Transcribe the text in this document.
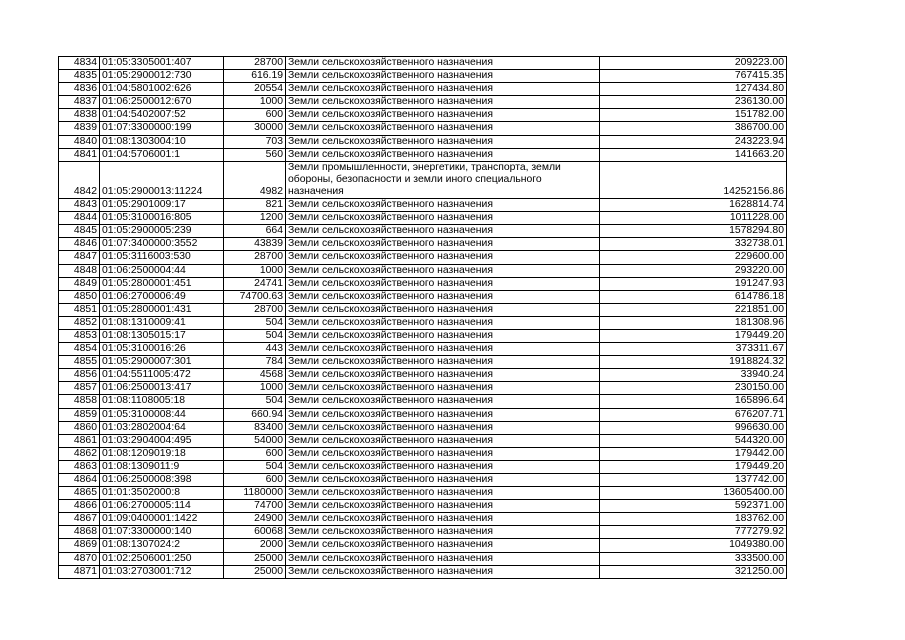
4834	01:05:3305001:407	28700	Земли сельскохозяйственного назначения	209223.00
4835	01:05:2900012:730	616.19	Земли сельскохозяйственного назначения	767415.35
4836	01:04:5801002:626	20554	Земли сельскохозяйственного назначения	127434.80
4837	01:06:2500012:670	1000	Земли сельскохозяйственного назначения	236130.00
4838	01:04:5402007:52	600	Земли сельскохозяйственного назначения	151782.00
4839	01:07:3300000:199	30000	Земли сельскохозяйственного назначения	386700.00
4840	01:08:1303004:10	703	Земли сельскохозяйственного назначения	243223.94
4841	01:04:5706001:1	560	Земли сельскохозяйственного назначения	141663.20
4842	01:05:2900013:11224	4982	Земли промышленности, энергетики, транспорта, земли обороны, безопасности и земли иного специального назначения	14252156.86
4843	01:05:2901009:17	821	Земли сельскохозяйственного назначения	1628814.74
4844	01:05:3100016:805	1200	Земли сельскохозяйственного назначения	1011228.00
4845	01:05:2900005:239	664	Земли сельскохозяйственного назначения	1578294.80
4846	01:07:3400000:3552	43839	Земли сельскохозяйственного назначения	332738.01
4847	01:05:3116003:530	28700	Земли сельскохозяйственного назначения	229600.00
4848	01:06:2500004:44	1000	Земли сельскохозяйственного назначения	293220.00
4849	01:05:2800001:451	24741	Земли сельскохозяйственного назначения	191247.93
4850	01:06:2700006:49	74700.63	Земли сельскохозяйственного назначения	614786.18
4851	01:05:2800001:431	28700	Земли сельскохозяйственного назначения	221851.00
4852	01:08:1310009:41	504	Земли сельскохозяйственного назначения	181308.96
4853	01:08:1305015:17	504	Земли сельскохозяйственного назначения	179449.20
4854	01:05:3100016:26	443	Земли сельскохозяйственного назначения	373311.67
4855	01:05:2900007:301	784	Земли сельскохозяйственного назначения	1918824.32
4856	01:04:5511005:472	4568	Земли сельскохозяйственного назначения	33940.24
4857	01:06:2500013:417	1000	Земли сельскохозяйственного назначения	230150.00
4858	01:08:1108005:18	504	Земли сельскохозяйственного назначения	165896.64
4859	01:05:3100008:44	660.94	Земли сельскохозяйственного назначения	676207.71
4860	01:03:2802004:64	83400	Земли сельскохозяйственного назначения	996630.00
4861	01:03:2904004:495	54000	Земли сельскохозяйственного назначения	544320.00
4862	01:08:1209019:18	600	Земли сельскохозяйственного назначения	179442.00
4863	01:08:1309011:9	504	Земли сельскохозяйственного назначения	179449.20
4864	01:06:2500008:398	600	Земли сельскохозяйственного назначения	137742.00
4865	01:01:3502000:8	1180000	Земли сельскохозяйственного назначения	13605400.00
4866	01:06:2700005:114	74700	Земли сельскохозяйственного назначения	592371.00
4867	01:09:0400001:1422	24900	Земли сельскохозяйственного назначения	183762.00
4868	01:07:3300000:140	60068	Земли сельскохозяйственного назначения	777279.92
4869	01:08:1307024:2	2000	Земли сельскохозяйственного назначения	1049380.00
4870	01:02:2506001:250	25000	Земли сельскохозяйственного назначения	333500.00
4871	01:03:2703001:712	25000	Земли сельскохозяйственного назначения	321250.00
